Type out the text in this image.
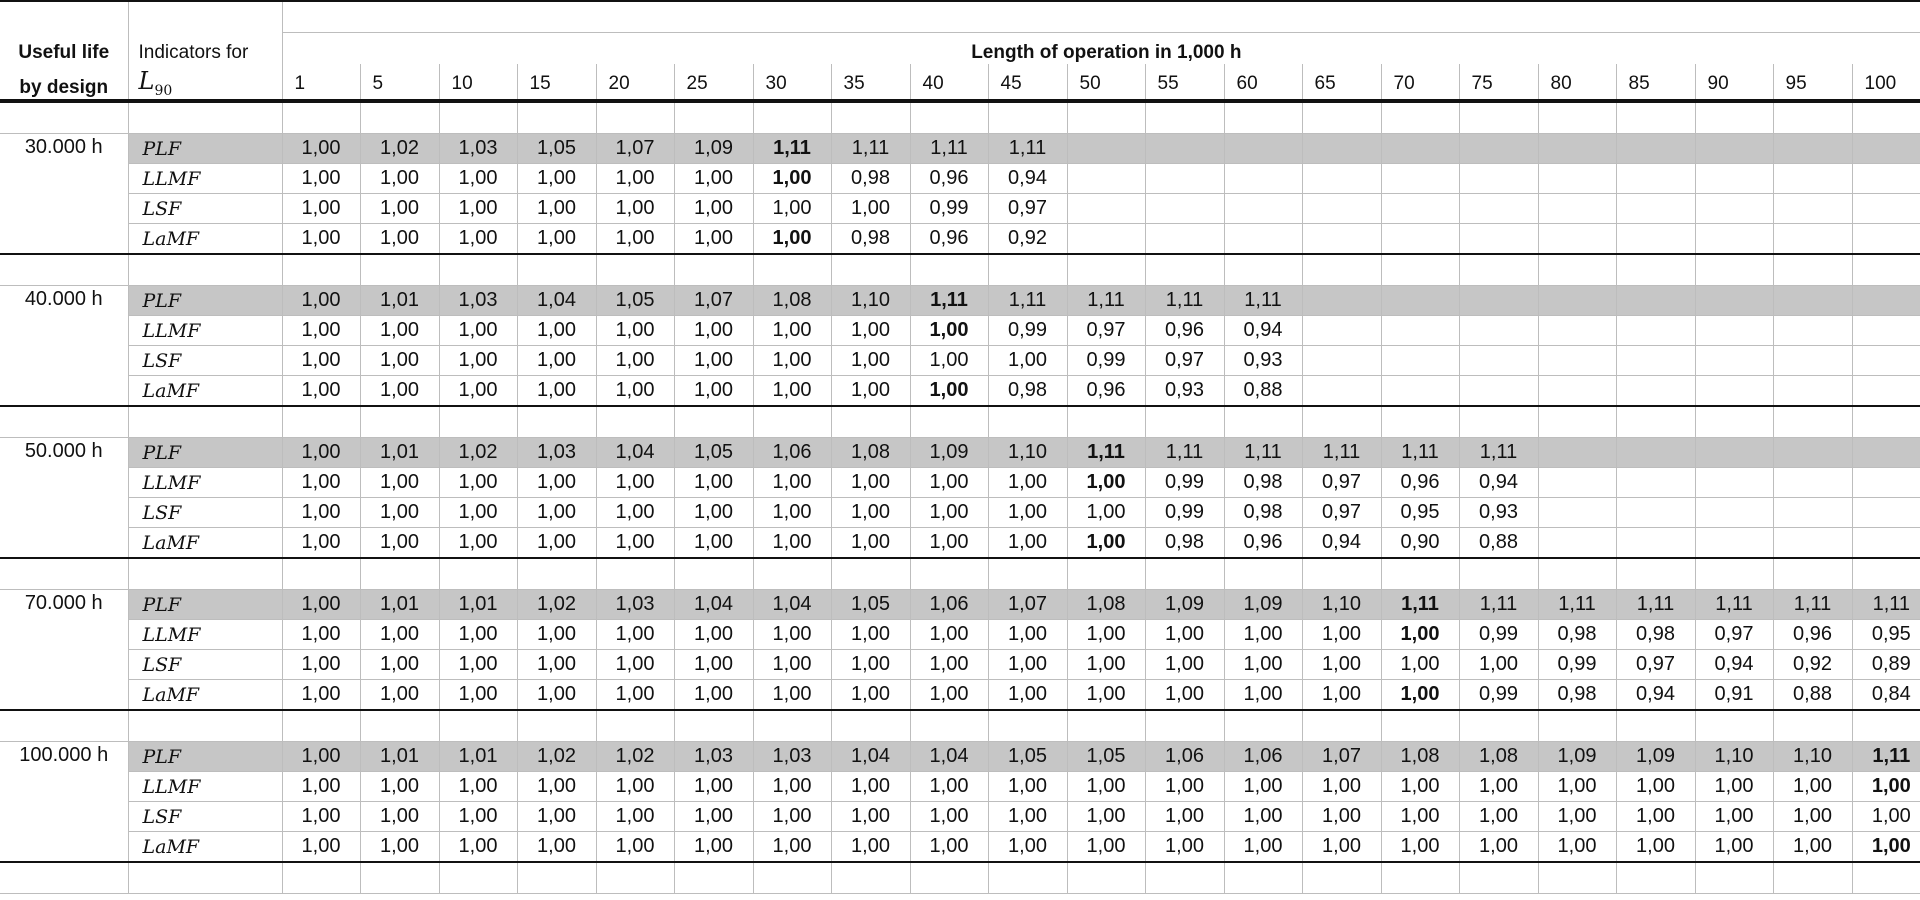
Useful life	Indicators for	Length of operation in 1,000 h																				
by design	$L_{90}$	1	5	10	15	20	25	30	35	40	45	50	55	60	65	70	75	80	85	90	95	100

30.000 h	PLF	1,00	1,02	1,03	1,05	1,07	1,09	1,11	1,11	1,11	1,11											
	LLMF	1,00	1,00	1,00	1,00	1,00	1,00	1,00	0,98	0,96	0,94											
	LSF	1,00	1,00	1,00	1,00	1,00	1,00	1,00	1,00	0,99	0,97											
	LaMF	1,00	1,00	1,00	1,00	1,00	1,00	1,00	0,98	0,96	0,92											

40.000 h	PLF	1,00	1,01	1,03	1,04	1,05	1,07	1,08	1,10	1,11	1,11	1,11	1,11	1,11								
	LLMF	1,00	1,00	1,00	1,00	1,00	1,00	1,00	1,00	1,00	0,99	0,97	0,96	0,94								
	LSF	1,00	1,00	1,00	1,00	1,00	1,00	1,00	1,00	1,00	1,00	0,99	0,97	0,93								
	LaMF	1,00	1,00	1,00	1,00	1,00	1,00	1,00	1,00	1,00	0,98	0,96	0,93	0,88								

50.000 h	PLF	1,00	1,01	1,02	1,03	1,04	1,05	1,06	1,08	1,09	1,10	1,11	1,11	1,11	1,11	1,11	1,11					
	LLMF	1,00	1,00	1,00	1,00	1,00	1,00	1,00	1,00	1,00	1,00	1,00	0,99	0,98	0,97	0,96	0,94					
	LSF	1,00	1,00	1,00	1,00	1,00	1,00	1,00	1,00	1,00	1,00	1,00	0,99	0,98	0,97	0,95	0,93					
	LaMF	1,00	1,00	1,00	1,00	1,00	1,00	1,00	1,00	1,00	1,00	1,00	0,98	0,96	0,94	0,90	0,88					

70.000 h	PLF	1,00	1,01	1,01	1,02	1,03	1,04	1,04	1,05	1,06	1,07	1,08	1,09	1,09	1,10	1,11	1,11	1,11	1,11	1,11	1,11	1,11
	LLMF	1,00	1,00	1,00	1,00	1,00	1,00	1,00	1,00	1,00	1,00	1,00	1,00	1,00	1,00	1,00	0,99	0,98	0,98	0,97	0,96	0,95
	LSF	1,00	1,00	1,00	1,00	1,00	1,00	1,00	1,00	1,00	1,00	1,00	1,00	1,00	1,00	1,00	1,00	0,99	0,97	0,94	0,92	0,89
	LaMF	1,00	1,00	1,00	1,00	1,00	1,00	1,00	1,00	1,00	1,00	1,00	1,00	1,00	1,00	1,00	0,99	0,98	0,94	0,91	0,88	0,84

100.000 h	PLF	1,00	1,01	1,01	1,02	1,02	1,03	1,03	1,04	1,04	1,05	1,05	1,06	1,06	1,07	1,08	1,08	1,09	1,09	1,10	1,10	1,11
	LLMF	1,00	1,00	1,00	1,00	1,00	1,00	1,00	1,00	1,00	1,00	1,00	1,00	1,00	1,00	1,00	1,00	1,00	1,00	1,00	1,00	1,00
	LSF	1,00	1,00	1,00	1,00	1,00	1,00	1,00	1,00	1,00	1,00	1,00	1,00	1,00	1,00	1,00	1,00	1,00	1,00	1,00	1,00	1,00
	LaMF	1,00	1,00	1,00	1,00	1,00	1,00	1,00	1,00	1,00	1,00	1,00	1,00	1,00	1,00	1,00	1,00	1,00	1,00	1,00	1,00	1,00
